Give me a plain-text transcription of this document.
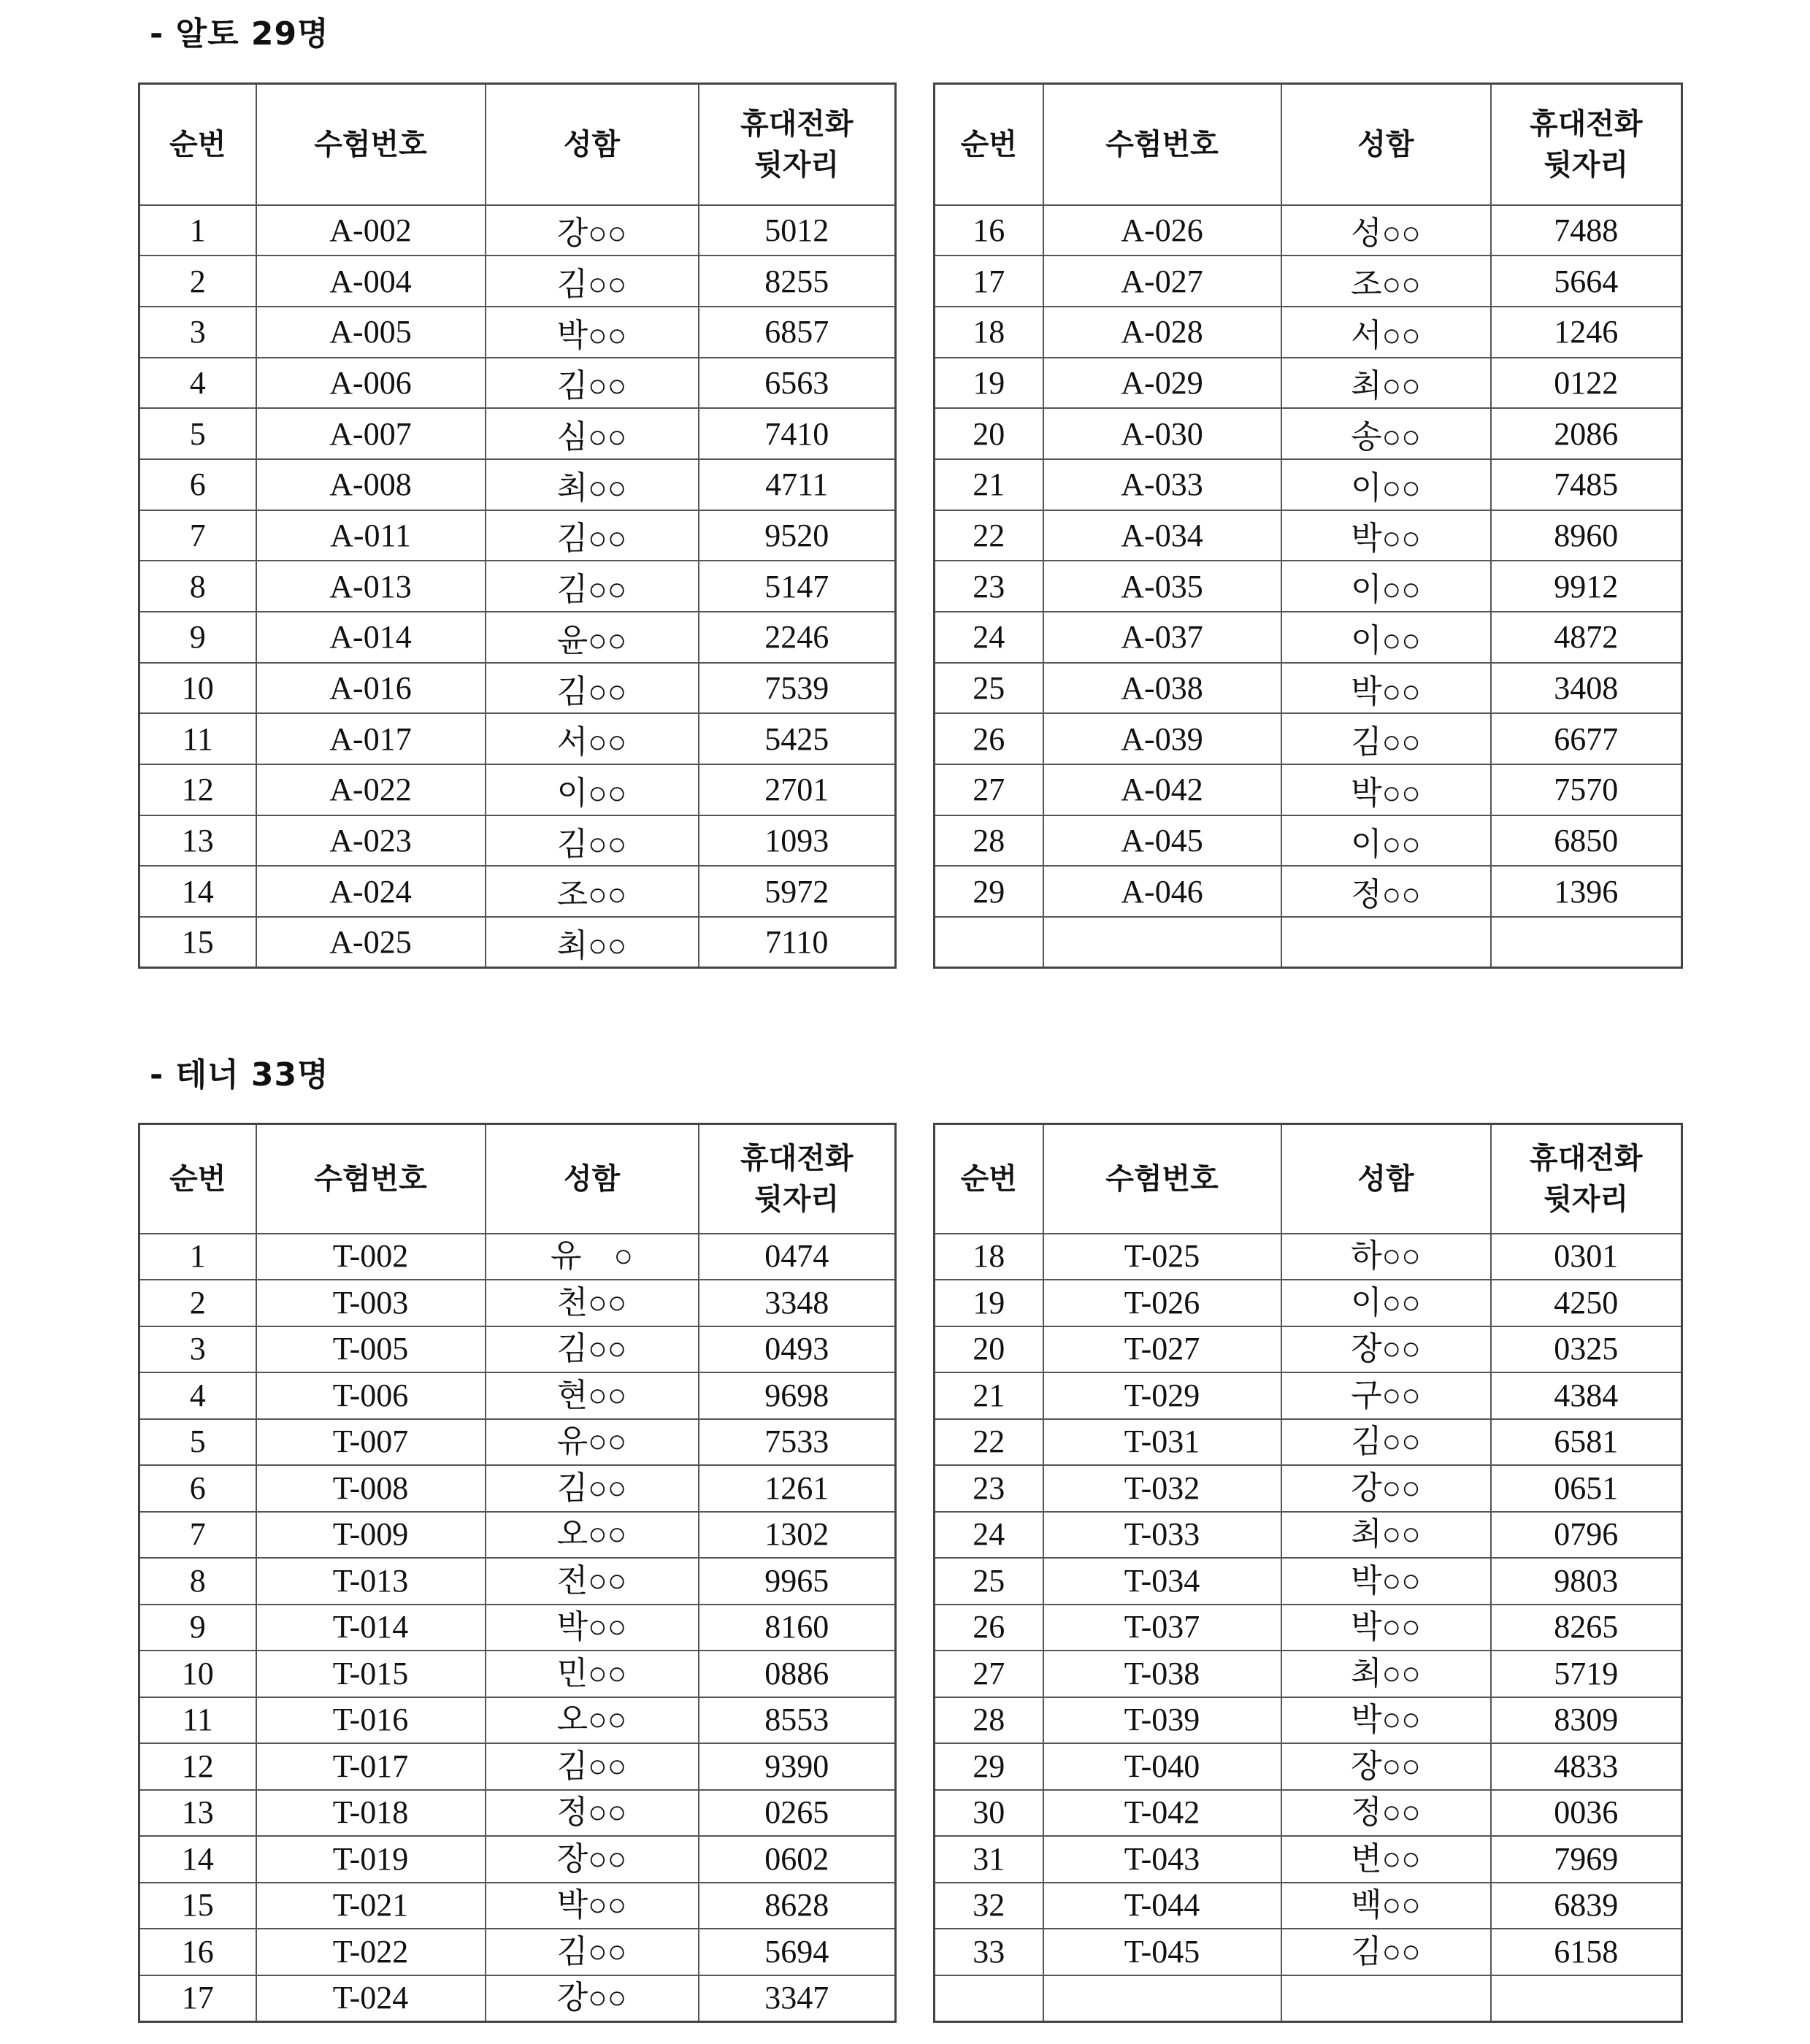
- 알토 29명
순번	수험번호	성함	휴대전화
뒷자리

1	A-002	강○○	5012
2	A-004	김○○	8255
3	A-005	박○○	6857
4	A-006	김○○	6563
5	A-007	심○○	7410
6	A-008	최○○	4711
7	A-011	김○○	9520
8	A-013	김○○	5147
9	A-014	윤○○	2246
10	A-016	김○○	7539
11	A-017	서○○	5425
12	A-022	이○○	2701
13	A-023	김○○	1093
14	A-024	조○○	5972
15	A-025	최○○	7110
순번	수험번호	성함	휴대전화
뒷자리

16	A-026	성○○	7488
17	A-027	조○○	5664
18	A-028	서○○	1246
19	A-029	최○○	0122
20	A-030	송○○	2086
21	A-033	이○○	7485
22	A-034	박○○	8960
23	A-035	이○○	9912
24	A-037	이○○	4872
25	A-038	박○○	3408
26	A-039	김○○	6677
27	A-042	박○○	7570
28	A-045	이○○	6850
29	A-046	정○○	1396

- 테너 33명
순번	수험번호	성함	휴대전화
뒷자리

1	T-002	유　○	0474
2	T-003	천○○	3348
3	T-005	김○○	0493
4	T-006	현○○	9698
5	T-007	유○○	7533
6	T-008	김○○	1261
7	T-009	오○○	1302
8	T-013	전○○	9965
9	T-014	박○○	8160
10	T-015	민○○	0886
11	T-016	오○○	8553
12	T-017	김○○	9390
13	T-018	정○○	0265
14	T-019	장○○	0602
15	T-021	박○○	8628
16	T-022	김○○	5694
17	T-024	강○○	3347
순번	수험번호	성함	휴대전화
뒷자리

18	T-025	하○○	0301
19	T-026	이○○	4250
20	T-027	장○○	0325
21	T-029	구○○	4384
22	T-031	김○○	6581
23	T-032	강○○	0651
24	T-033	최○○	0796
25	T-034	박○○	9803
26	T-037	박○○	8265
27	T-038	최○○	5719
28	T-039	박○○	8309
29	T-040	장○○	4833
30	T-042	정○○	0036
31	T-043	변○○	7969
32	T-044	백○○	6839
33	T-045	김○○	6158
